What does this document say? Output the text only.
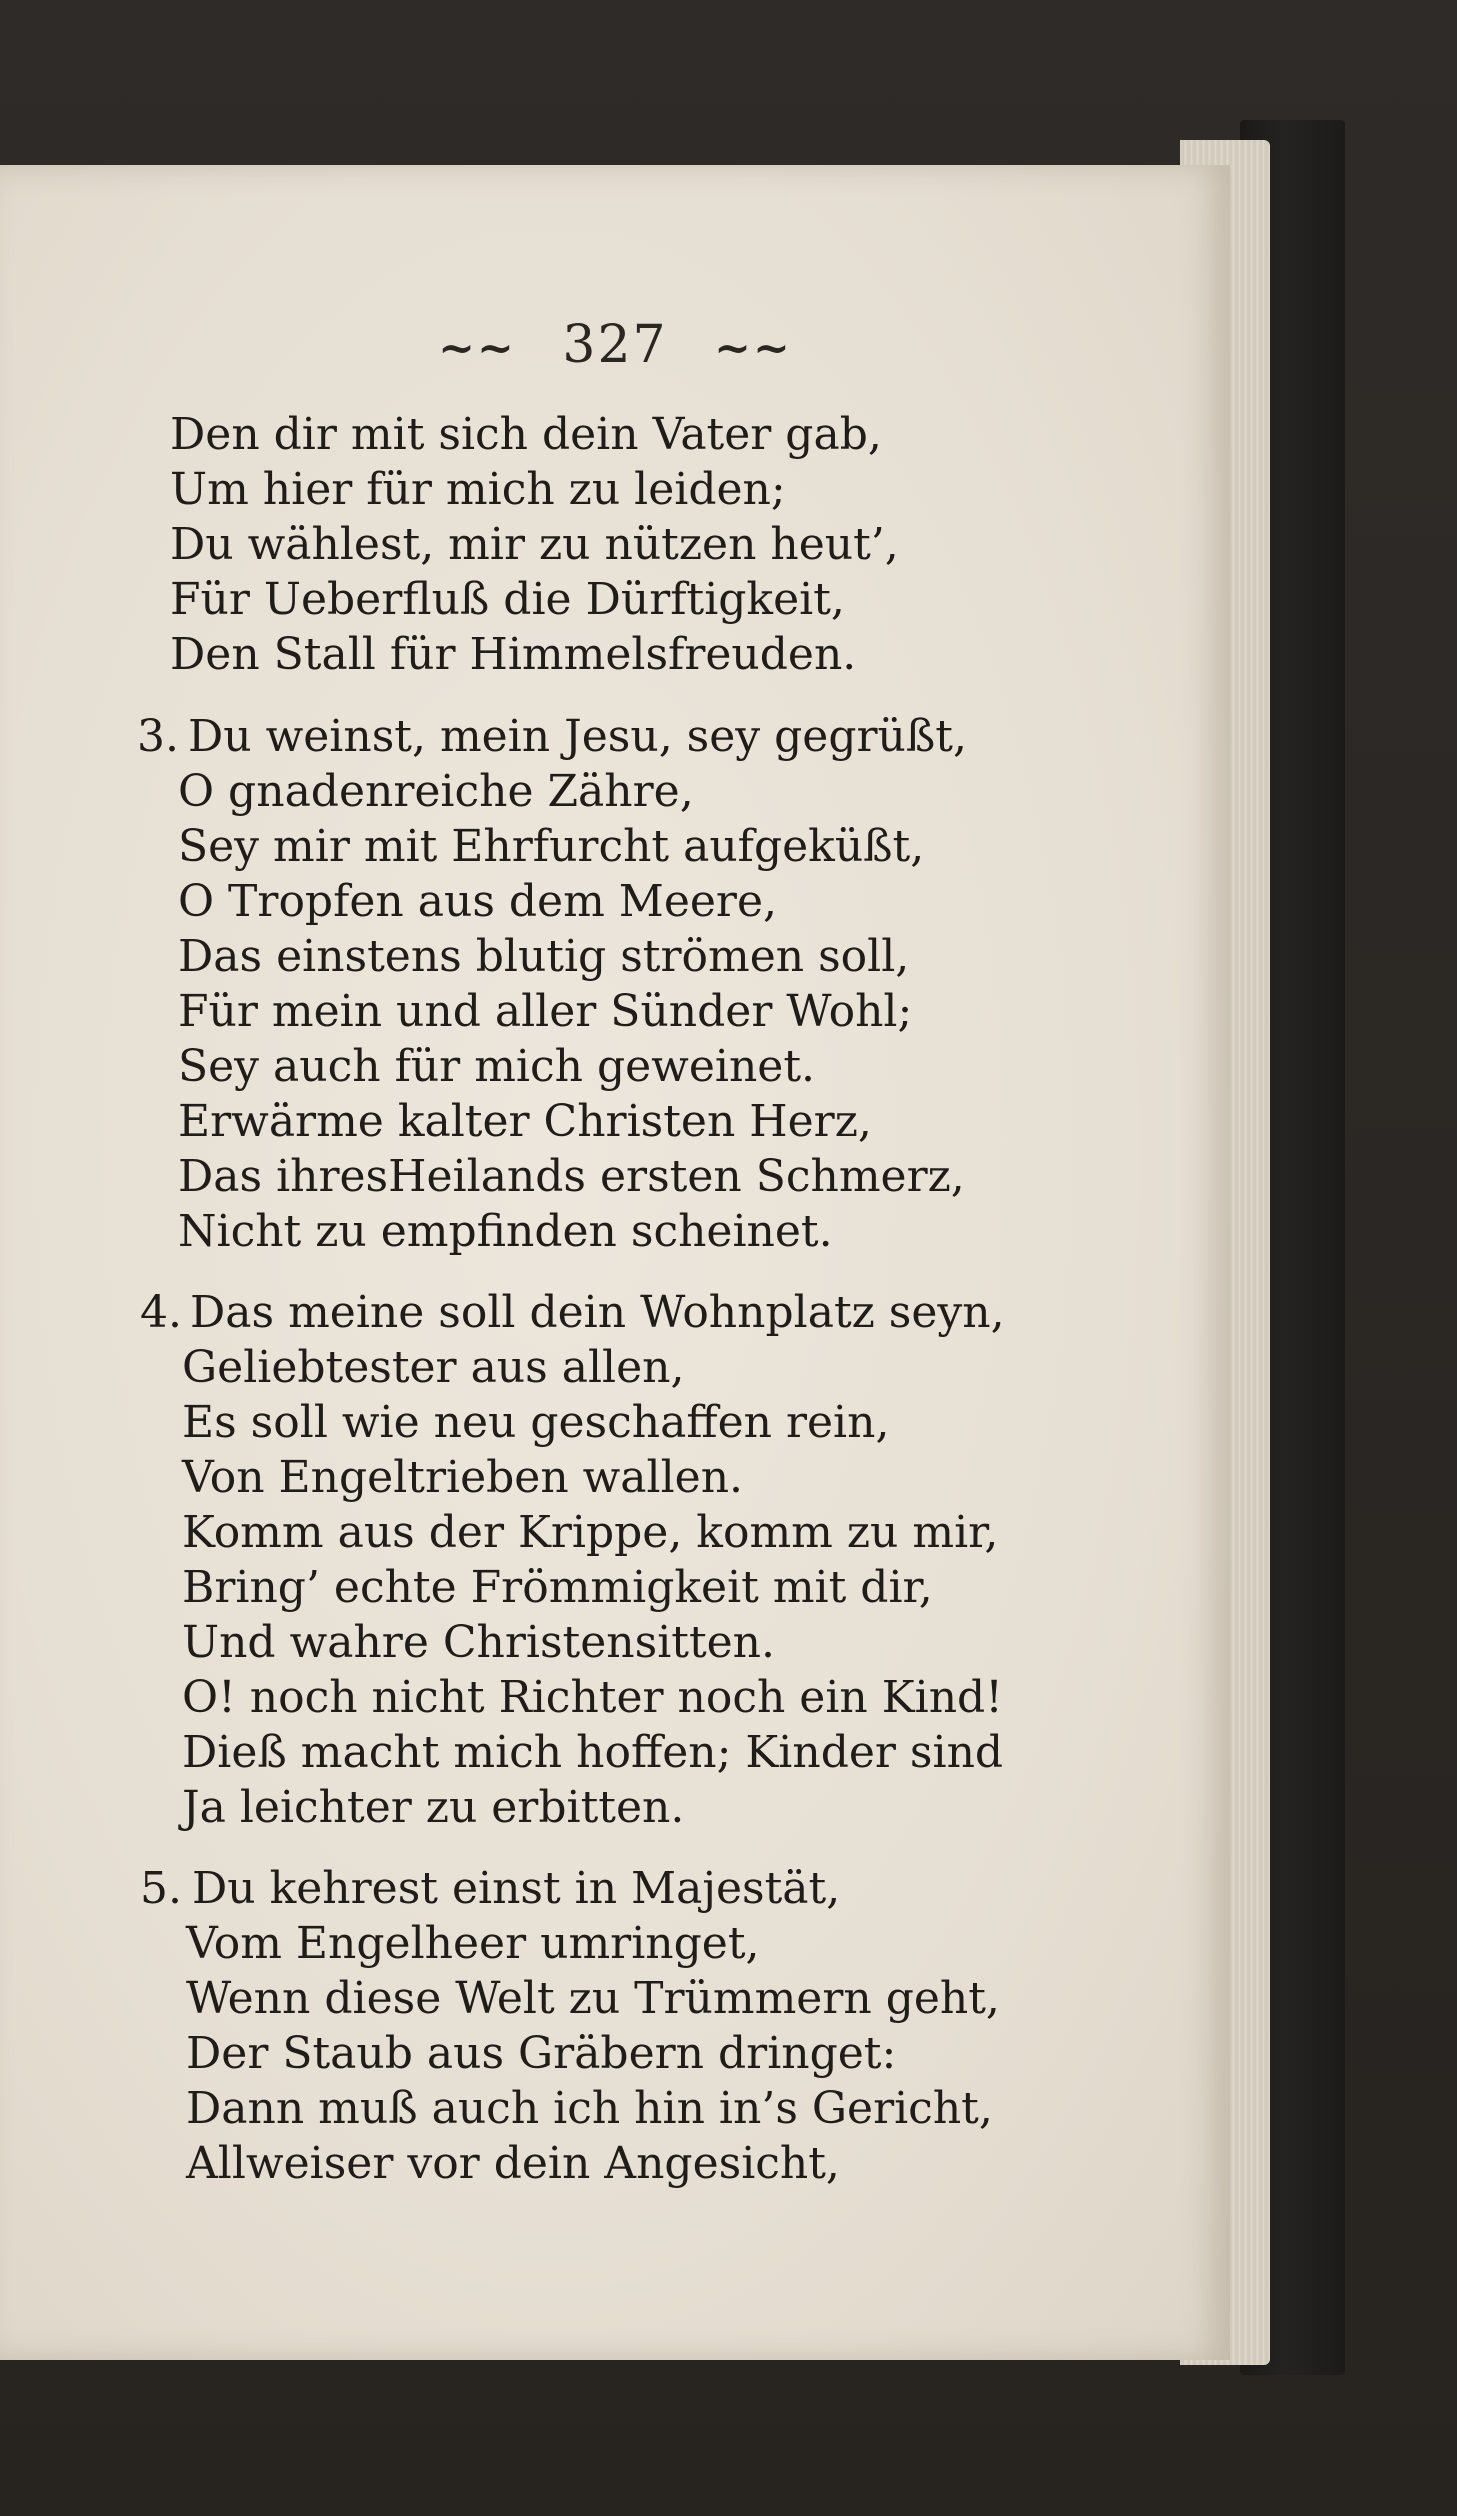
~~ 327 ~~
Den dir mit sich dein Vater gab,
Um hier für mich zu leiden;
Du wählest, mir zu nützen heut’,
Für Ueberfluß die Dürftigkeit,
Den Stall für Himmelsfreuden.
3. Du weinst, mein Jesu, sey gegrüßt,
O gnadenreiche Zähre,
Sey mir mit Ehrfurcht aufgeküßt,
O Tropfen aus dem Meere,
Das einstens blutig strömen soll,
Für mein und aller Sünder Wohl;
Sey auch für mich geweinet.
Erwärme kalter Christen Herz,
Das ihresHeilands ersten Schmerz,
Nicht zu empfinden scheinet.
4. Das meine soll dein Wohnplatz seyn,
Geliebtester aus allen,
Es soll wie neu geschaffen rein,
Von Engeltrieben wallen.
Komm aus der Krippe, komm zu mir,
Bring’ echte Frömmigkeit mit dir,
Und wahre Christensitten.
O! noch nicht Richter noch ein Kind!
Dieß macht mich hoffen; Kinder sind
Ja leichter zu erbitten.
5. Du kehrest einst in Majestät,
Vom Engelheer umringet,
Wenn diese Welt zu Trümmern geht,
Der Staub aus Gräbern dringet:
Dann muß auch ich hin in’s Gericht,
Allweiser vor dein Angesicht,
